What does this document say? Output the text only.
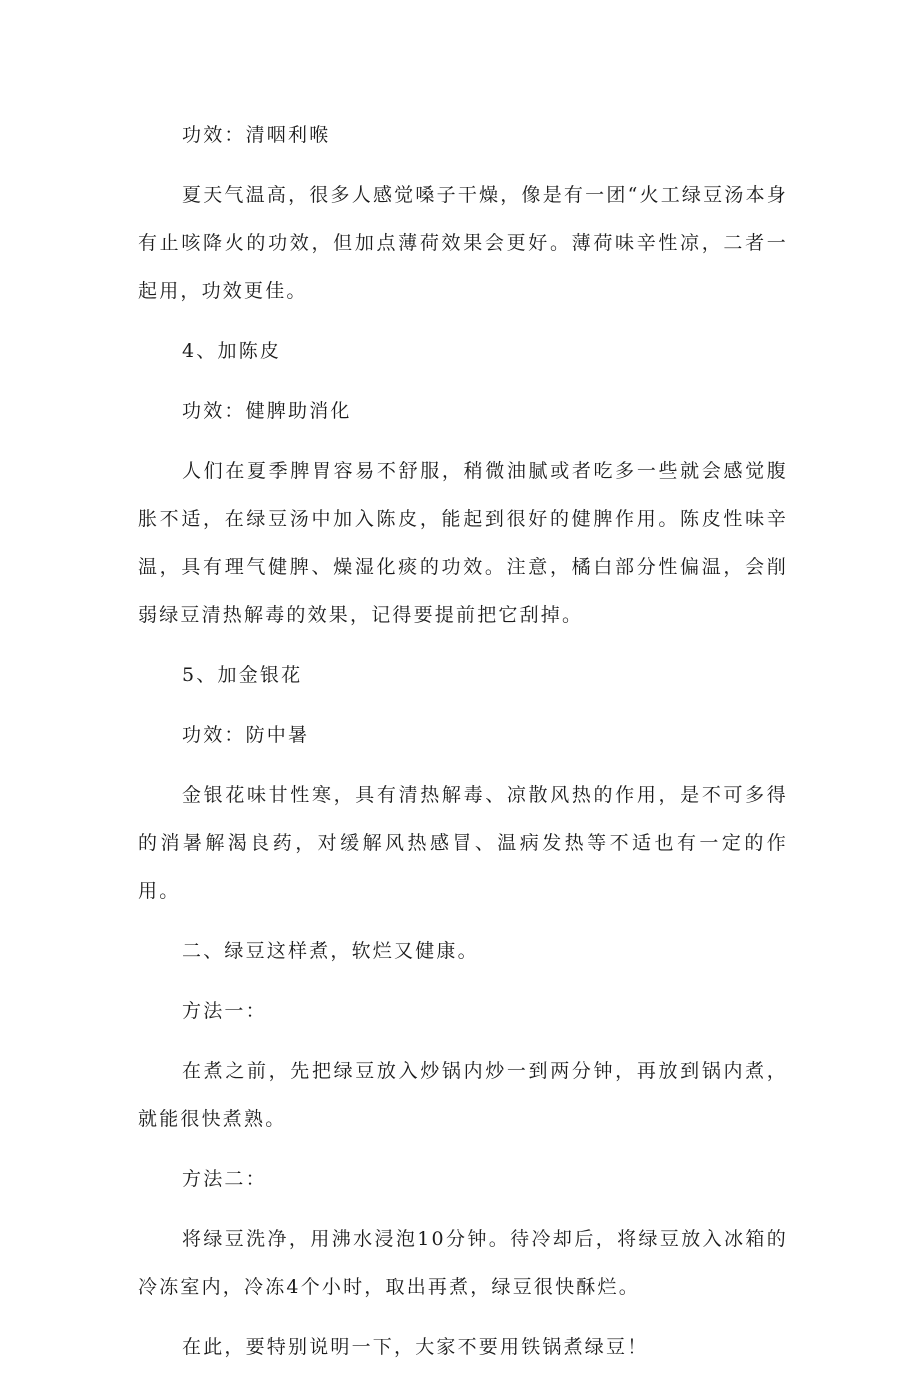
功效：清咽利喉

夏天气温高，很多人感觉嗓子干燥，像是有一团“火工绿豆汤本身有止咳降火的功效，但加点薄荷效果会更好。薄荷味辛性凉，二者一起用，功效更佳。

4、加陈皮

功效：健脾助消化

人们在夏季脾胃容易不舒服，稍微油腻或者吃多一些就会感觉腹胀不适，在绿豆汤中加入陈皮，能起到很好的健脾作用。陈皮性味辛温，具有理气健脾、燥湿化痰的功效。注意，橘白部分性偏温，会削弱绿豆清热解毒的效果，记得要提前把它刮掉。

5、加金银花

功效：防中暑

金银花味甘性寒，具有清热解毒、凉散风热的作用，是不可多得的消暑解渴良药，对缓解风热感冒、温病发热等不适也有一定的作用。

二、绿豆这样煮，软烂又健康。

方法一：

在煮之前，先把绿豆放入炒锅内炒一到两分钟，再放到锅内煮，就能很快煮熟。

方法二：

将绿豆洗净，用沸水浸泡10分钟。待冷却后，将绿豆放入冰箱的冷冻室内，冷冻4个小时，取出再煮，绿豆很快酥烂。

在此，要特别说明一下，大家不要用铁锅煮绿豆！
